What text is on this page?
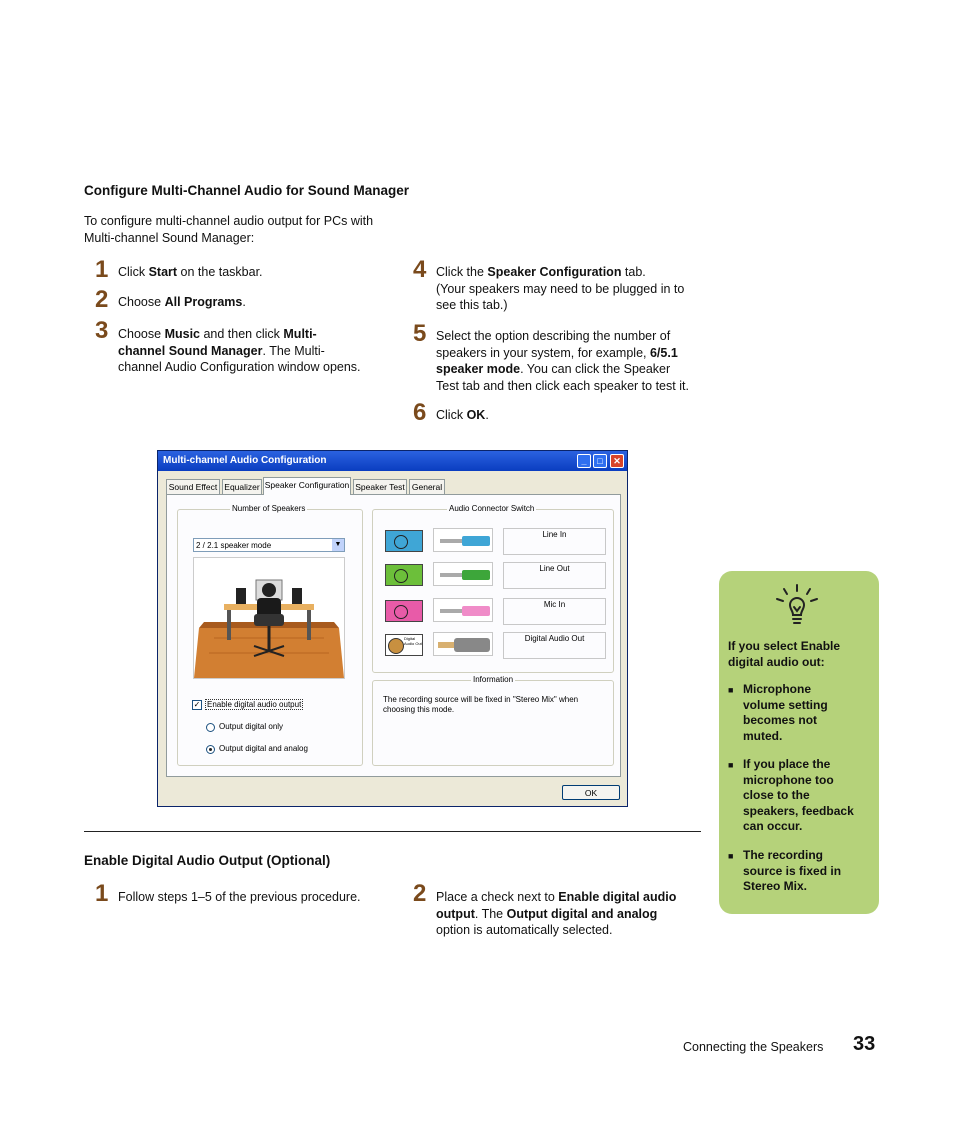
Configure Multi-Channel Audio for Sound Manager
To configure multi-channel audio output for PCs with
Multi-channel Sound Manager:
1 Click Start on the taskbar.
2 Choose All Programs.
3 Choose Music and then click Multi-
channel Sound Manager. The Multi-
channel Audio Configuration window opens.
4 Click the Speaker Configuration tab.
(Your speakers may need to be plugged in to
see this tab.)
5 Select the option describing the number of
speakers in your system, for example, 6/5.1
speaker mode. You can click the Speaker
Test tab and then click each speaker to test it.
6 Click OK.
Multi-channel Audio Configuration	_	□	✕
Sound Effect Equalizer Speaker Configuration Speaker Test General
Number of Speakers
2 / 2.1 speaker mode	▼
✓ Enable digital audio output
Output digital only
Output digital and analog
Audio Connector Switch
Line In
Line Out
Mic In
Digital Audio Out
Digital Audio Out
Information
The recording source will be fixed in "Stereo Mix" when
choosing this mode.
OK
Enable Digital Audio Output (Optional)
1 Follow steps 1–5 of the previous procedure. 2 Place a check next to Enable digital audio
output. The Output digital and analog
option is automatically selected.
If you select Enable
digital audio out:
■ Microphone
volume setting
becomes not
muted.
■ If you place the
microphone too
close to the
speakers, feedback
can occur.
■ The recording
source is fixed in
Stereo Mix.
Connecting the Speakers 33
